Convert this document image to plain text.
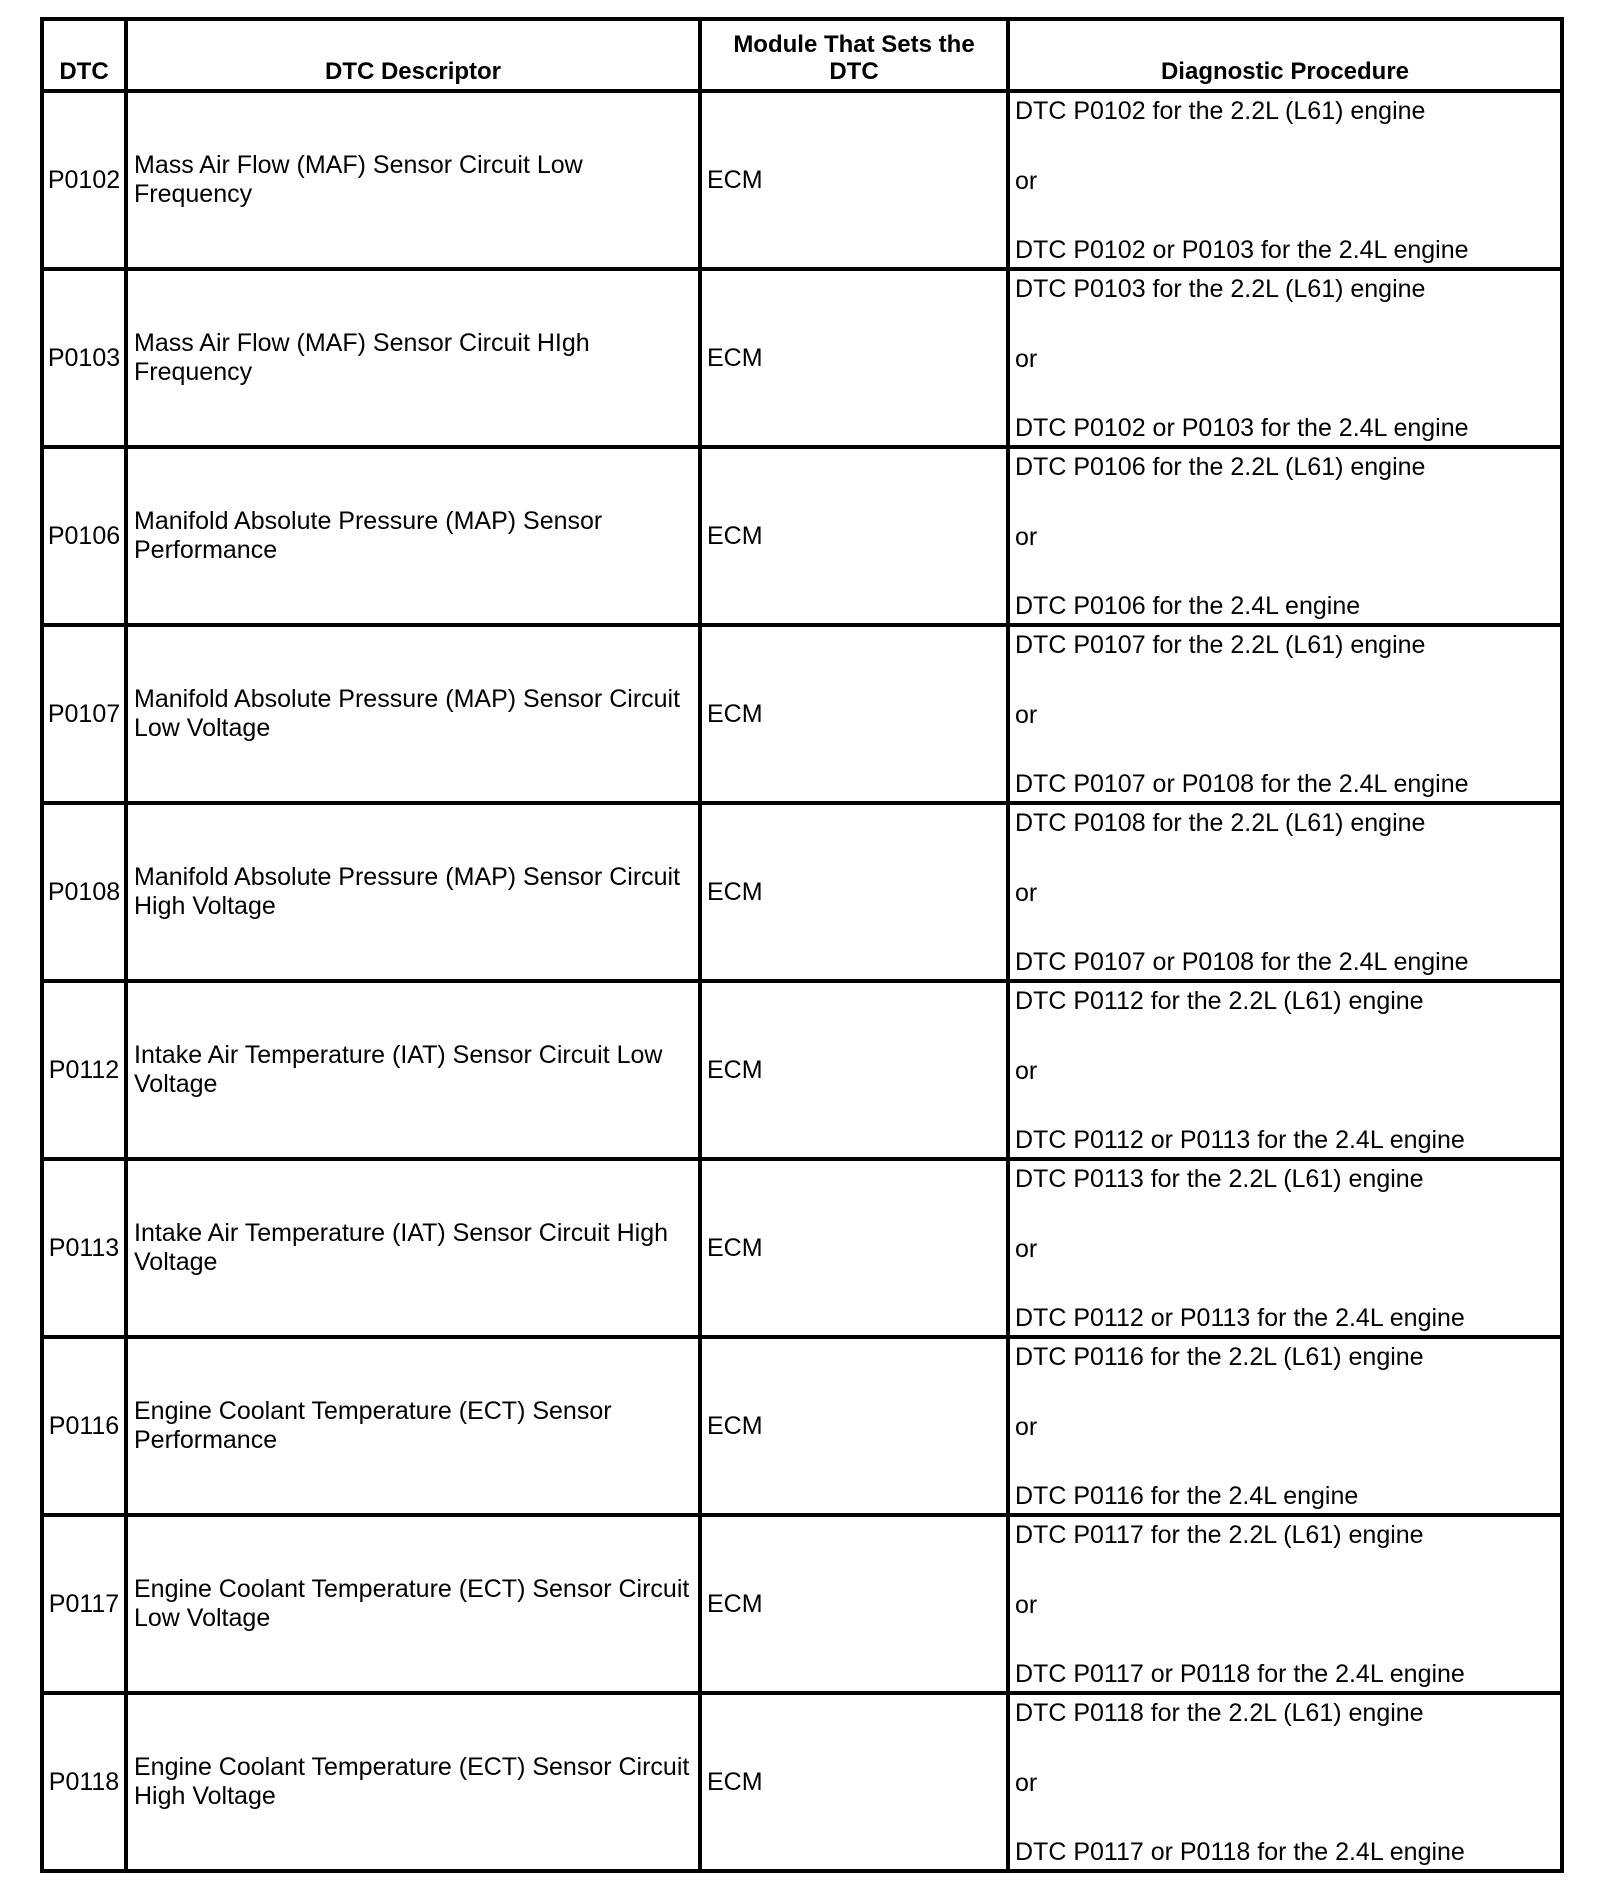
DTC	DTC Descriptor	Module That Sets the DTC	Diagnostic Procedure
P0102	Mass Air Flow (MAF) Sensor Circuit Low Frequency	ECM	DTC P0102 for the 2.2L (L61) engine
or
DTC P0102 or P0103 for the 2.4L engine

P0103	Mass Air Flow (MAF) Sensor Circuit HIgh Frequency	ECM	DTC P0103 for the 2.2L (L61) engine
or
DTC P0102 or P0103 for the 2.4L engine

P0106	Manifold Absolute Pressure (MAP) Sensor Performance	ECM	DTC P0106 for the 2.2L (L61) engine
or
DTC P0106 for the 2.4L engine

P0107	Manifold Absolute Pressure (MAP) Sensor Circuit Low Voltage	ECM	DTC P0107 for the 2.2L (L61) engine
or
DTC P0107 or P0108 for the 2.4L engine

P0108	Manifold Absolute Pressure (MAP) Sensor Circuit High Voltage	ECM	DTC P0108 for the 2.2L (L61) engine
or
DTC P0107 or P0108 for the 2.4L engine

P0112	Intake Air Temperature (IAT) Sensor Circuit Low Voltage	ECM	DTC P0112 for the 2.2L (L61) engine
or
DTC P0112 or P0113 for the 2.4L engine

P0113	Intake Air Temperature (IAT) Sensor Circuit High Voltage	ECM	DTC P0113 for the 2.2L (L61) engine
or
DTC P0112 or P0113 for the 2.4L engine

P0116	Engine Coolant Temperature (ECT) Sensor Performance	ECM	DTC P0116 for the 2.2L (L61) engine
or
DTC P0116 for the 2.4L engine

P0117	Engine Coolant Temperature (ECT) Sensor Circuit Low Voltage	ECM	DTC P0117 for the 2.2L (L61) engine
or
DTC P0117 or P0118 for the 2.4L engine

P0118	Engine Coolant Temperature (ECT) Sensor Circuit High Voltage	ECM	DTC P0118 for the 2.2L (L61) engine
or
DTC P0117 or P0118 for the 2.4L engine
